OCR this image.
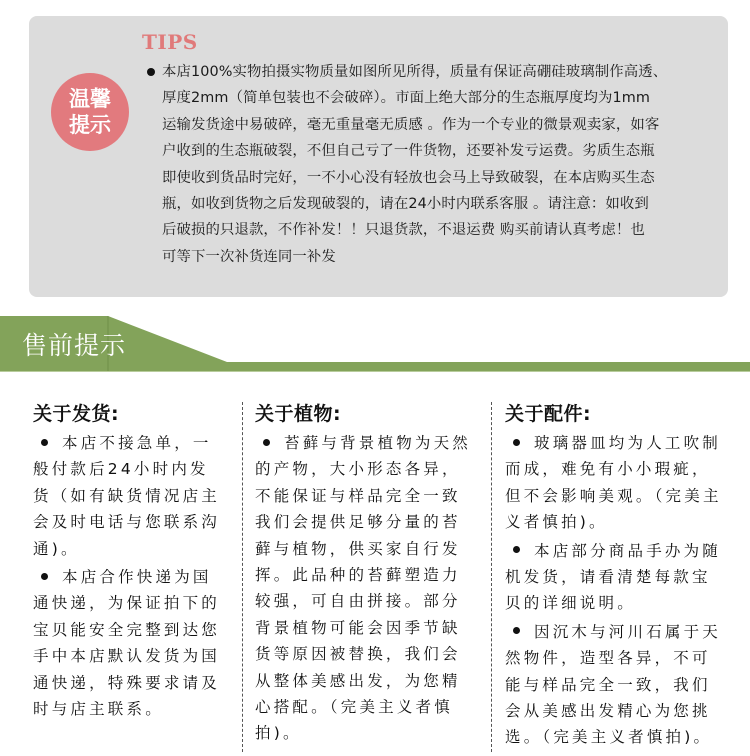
TIPS
温馨
提示
本店100%实物拍摄实物质量如图所见所得，质量有保证高硼硅玻璃制作高透、
厚度2mm（简单包装也不会破碎）。市面上绝大部分的生态瓶厚度均为1mm
运输发货途中易破碎，毫无重量毫无质感 。作为一个专业的微景观卖家，如客
户收到的生态瓶破裂，不但自己亏了一件货物，还要补发亏运费。劣质生态瓶
即使收到货品时完好，一不小心没有轻放也会马上导致破裂，在本店购买生态
瓶，如收到货物之后发现破裂的，请在24小时内联系客服 。请注意：如收到
后破损的只退款，不作补发！！只退货款，不退运费 购买前请认真考虑！也
可等下一次补货连同一补发
售前提示
关于发货:
本店不接急单，一般付款后24小时内发货（如有缺货情况店主会及时电话与您联系沟通)。
本店合作快递为国通快递，为保证拍下的宝贝能安全完整到达您手中本店默认发货为国通快递，特殊要求请及时与店主联系。
关于植物:
苔藓与背景植物为天然的产物，大小形态各异，不能保证与样品完全一致我们会提供足够分量的苔藓与植物，供买家自行发挥。此品种的苔藓塑造力较强，可自由拼接。部分背景植物可能会因季节缺货等原因被替换，我们会从整体美感出发，为您精心搭配。（完美主义者慎拍)。
关于配件:
玻璃器皿均为人工吹制而成，难免有小小瑕疵，但不会影响美观。（完美主义者慎拍)。
本店部分商品手办为随机发货，请看清楚每款宝贝的详细说明。
因沉木与河川石属于天然物件，造型各异，不可能与样品完全一致，我们会从美感出发精心为您挑选。（完美主义者慎拍)。
